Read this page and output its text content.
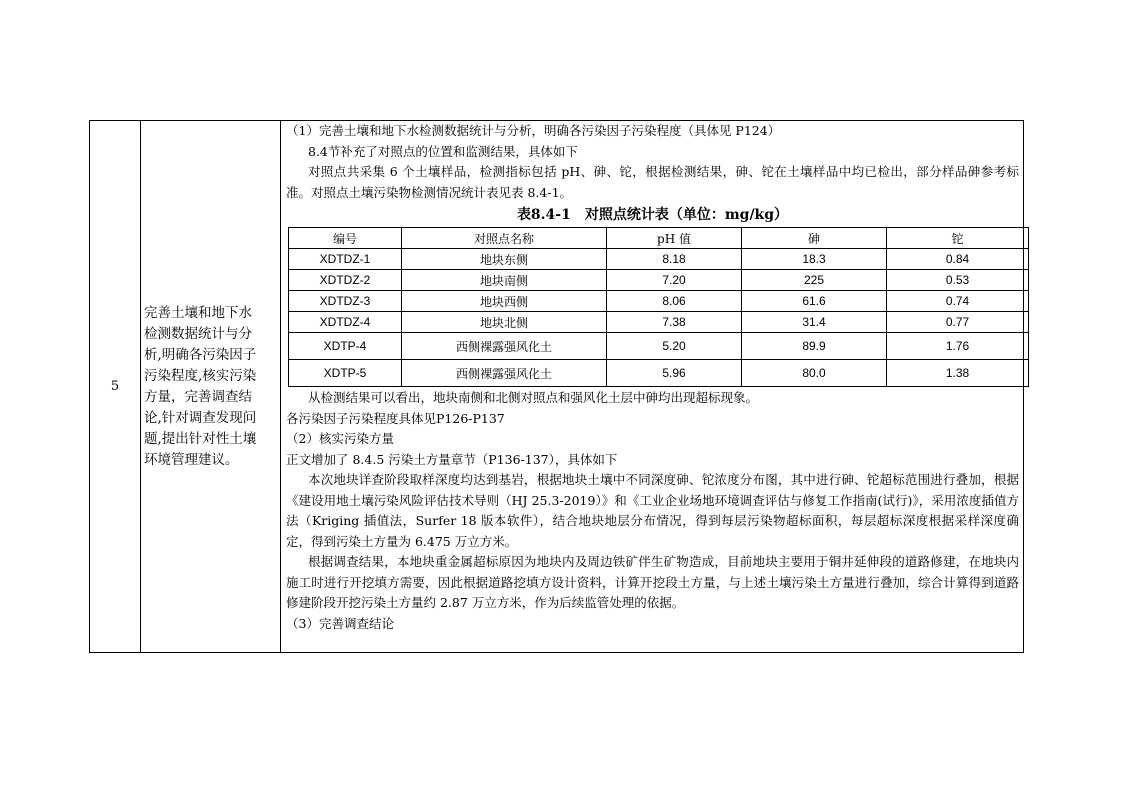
5	
完善土壤和地下水
检测数据统计与分
析,明确各污染因子
污染程度,核实污染
方量，完善调查结
论,针对调查发现问
题,提出针对性土壤
环境管理建议。

（1）完善土壤和地下水检测数据统计与分析，明确各污染因子污染程度（具体见 P124）
8.4节补充了对照点的位置和监测结果，具体如下
对照点共采集 6 个土壤样品，检测指标包括 pH、砷、铊，根据检测结果，砷、铊在土壤样品中均已检出，部分样品砷参考标准。对照点土壤污染物检测情况统计表见表 8.4-1。
表8.4-1　对照点统计表（单位：mg/kg）
编号	对照点名称	pH 值	砷	铊
XDTDZ-1	地块东侧	8.18	18.3	0.84
XDTDZ-2	地块南侧	7.20	225	0.53
XDTDZ-3	地块西侧	8.06	61.6	0.74
XDTDZ-4	地块北侧	7.38	31.4	0.77
XDTP-4	西侧裸露强风化土	5.20	89.9	1.76
XDTP-5	西侧裸露强风化土	5.96	80.0	1.38
从检测结果可以看出，地块南侧和北侧对照点和强风化土层中砷均出现超标现象。
各污染因子污染程度具体见P126-P137
（2）核实污染方量
正文增加了 8.4.5 污染土方量章节（P136-137），具体如下
本次地块详查阶段取样深度均达到基岩，根据地块土壤中不同深度砷、铊浓度分布图，其中进行砷、铊超标范围进行叠加，根据《建设用地土壤污染风险评估技术导则（HJ 25.3-2019）》和《工业企业场地环境调查评估与修复工作指南(试行)》，采用浓度插值方法（Kriging 插值法，Surfer 18 版本软件），结合地块地层分布情况，得到每层污染物超标面积，每层超标深度根据采样深度确定，得到污染土方量为 6.475 万立方米。
根据调查结果，本地块重金属超标原因为地块内及周边铁矿伴生矿物造成，目前地块主要用于铜井延伸段的道路修建，在地块内施工时进行开挖填方需要，因此根据道路挖填方设计资料，计算开挖段土方量，与上述土壤污染土方量进行叠加，综合计算得到道路修建阶段开挖污染土方量约 2.87 万立方米，作为后续监管处理的依据。
（3）完善调查结论
